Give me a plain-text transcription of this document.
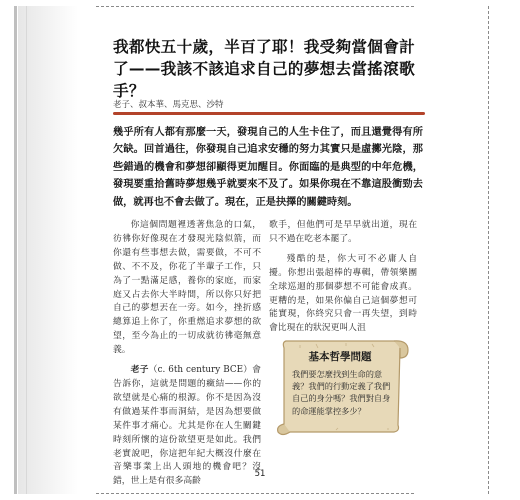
我都快五十歲，半百了耶！我受夠當個會計了——我該不該追求自己的夢想去當搖滾歌手？

老子、叔本華、馬克思、沙特

幾乎所有人都有那麼一天，發現自己的人生卡住了，而且還覺得有所欠缺。回首過往，你發現自己追求安穩的努力其實只是虛擲光陰，那些錯過的機會和夢想卻顯得更加醒目。你面臨的是典型的中年危機，發現要重拾舊時夢想幾乎就要來不及了。如果你現在不靠這股衝勁去做，就再也不會去做了。現在，正是抉擇的關鍵時刻。

你這個問題裡透著焦急的口氣，彷彿你好像現在才發現光陰似箭，而你還有些事想去做，需要做，不可不做、不不及，你花了半輩子工作，只為了一點滿足感，養你的家庭，而家庭又占去你大半時間，所以你只好把自己的夢想丟在一旁。如今，挫折感總算追上你了，你重燃追求夢想的欲望，至今為止的一切成就彷彿毫無意義。

老子（c. 6th century BCE）會告訴你，這就是問題的癥結——你的欲望就是心痛的根源。你不是因為沒有做過某件事而洞結，是因為想要做某件事才痛心。尤其是你在人生關鍵時刻所懷的這份欲望更是如此。我們老實說吧，你這把年紀大概沒什麼在音樂事業上出人頭地的機會吧？沒錯，世上是有很多高齡

歌手，但他們可是早早就出道，現在只不過在吃老本罷了。

殘酷的是，你大可不必庸人自擾。你想出張超棒的專輯，帶領樂團全球巡迴的那個夢想不可能會成真。更糟的是，如果你偏自己這個夢想可能實現，你終究只會一再失望，到時會比現在的狀況更叫人沮

基本哲學問題

我們要怎麼找到生命的意義？我們的行動定義了我們自己的身分嗎？我們對自身的命運能掌控多少？

51
